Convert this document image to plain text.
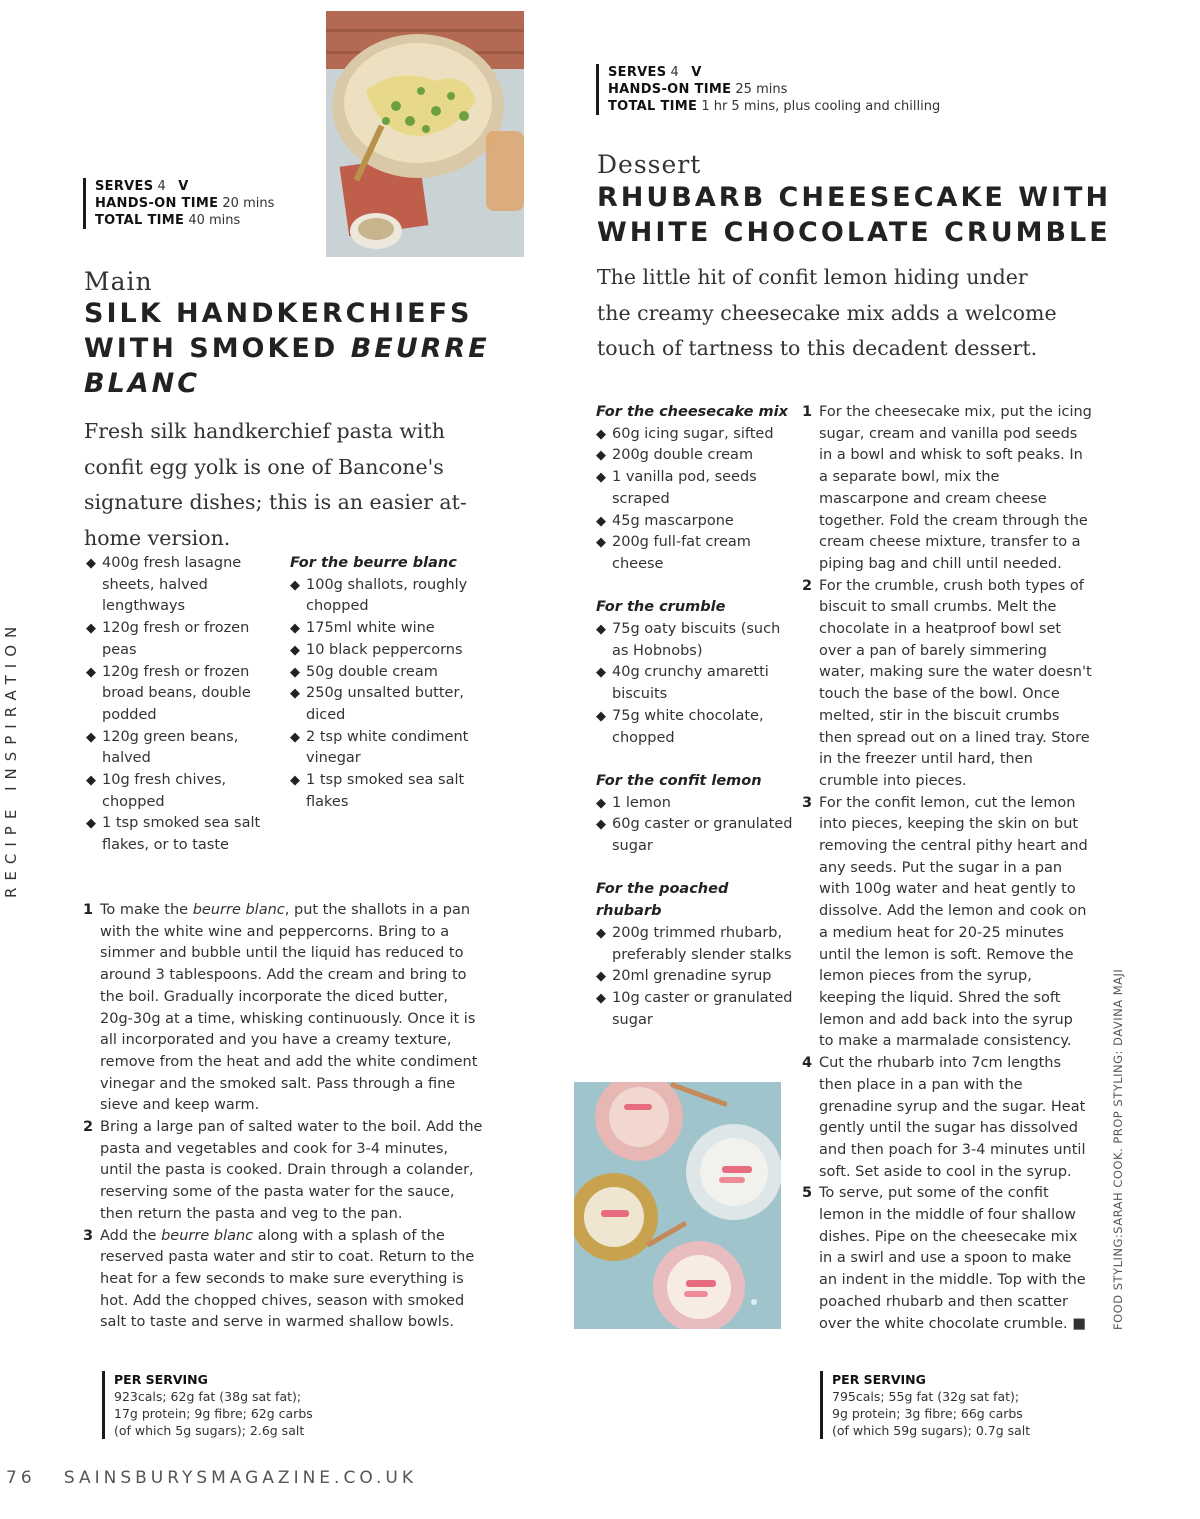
RECIPE INSPIRATION
SERVES 4 V
HANDS-ON TIME 20 mins
TOTAL TIME 40 mins
Main
SILK HANDKERCHIEFS
WITH SMOKED BEURRE
BLANC
Fresh silk handkerchief pasta with confit egg yolk is one of Bancone's signature dishes; this is an easier at-home version.
◆ 400g fresh lasagne sheets, halved lengthways
◆ 120g fresh or frozen peas
◆ 120g fresh or frozen broad beans, double podded
◆ 120g green beans, halved
◆ 10g fresh chives, chopped
◆ 1 tsp smoked sea salt flakes, or to taste
For the beurre blanc
◆ 100g shallots, roughly chopped
◆ 175ml white wine
◆ 10 black peppercorns
◆ 50g double cream
◆ 250g unsalted butter, diced
◆ 2 tsp white condiment vinegar
◆ 1 tsp smoked sea salt flakes
1 To make the beurre blanc, put the shallots in a pan with the white wine and peppercorns. Bring to a simmer and bubble until the liquid has reduced to around 3 tablespoons. Add the cream and bring to the boil. Gradually incorporate the diced butter, 20g-30g at a time, whisking continuously. Once it is all incorporated and you have a creamy texture, remove from the heat and add the white condiment vinegar and the smoked salt. Pass through a fine sieve and keep warm.
2 Bring a large pan of salted water to the boil. Add the pasta and vegetables and cook for 3-4 minutes, until the pasta is cooked. Drain through a colander, reserving some of the pasta water for the sauce, then return the pasta and veg to the pan.
3 Add the beurre blanc along with a splash of the reserved pasta water and stir to coat. Return to the heat for a few seconds to make sure everything is hot. Add the chopped chives, season with smoked salt to taste and serve in warmed shallow bowls.
PER SERVING
923cals; 62g fat (38g sat fat);
17g protein; 9g fibre; 62g carbs
(of which 5g sugars); 2.6g salt
SERVES 4 V
HANDS-ON TIME 25 mins
TOTAL TIME 1 hr 5 mins, plus cooling and chilling
Dessert
RHUBARB CHEESECAKE WITH
WHITE CHOCOLATE CRUMBLE
The little hit of confit lemon hiding under the creamy cheesecake mix adds a welcome touch of tartness to this decadent dessert.
For the cheesecake mix
◆ 60g icing sugar, sifted
◆ 200g double cream
◆ 1 vanilla pod, seeds scraped
◆ 45g mascarpone
◆ 200g full-fat cream cheese
For the crumble
◆ 75g oaty biscuits (such as Hobnobs)
◆ 40g crunchy amaretti biscuits
◆ 75g white chocolate, chopped
For the confit lemon
◆ 1 lemon
◆ 60g caster or granulated sugar
For the poached rhubarb
◆ 200g trimmed rhubarb, preferably slender stalks
◆ 20ml grenadine syrup
◆ 10g caster or granulated sugar
1 For the cheesecake mix, put the icing sugar, cream and vanilla pod seeds in a bowl and whisk to soft peaks. In a separate bowl, mix the mascarpone and cream cheese together. Fold the cream through the cream cheese mixture, transfer to a piping bag and chill until needed.
2 For the crumble, crush both types of biscuit to small crumbs. Melt the chocolate in a heatproof bowl set over a pan of barely simmering water, making sure the water doesn't touch the base of the bowl. Once melted, stir in the biscuit crumbs then spread out on a lined tray. Store in the freezer until hard, then crumble into pieces.
3 For the confit lemon, cut the lemon into pieces, keeping the skin on but removing the central pithy heart and any seeds. Put the sugar in a pan with 100g water and heat gently to dissolve. Add the lemon and cook on a medium heat for 20-25 minutes until the lemon is soft. Remove the lemon pieces from the syrup, keeping the liquid. Shred the soft lemon and add back into the syrup to make a marmalade consistency.
4 Cut the rhubarb into 7cm lengths then place in a pan with the grenadine syrup and the sugar. Heat gently until the sugar has dissolved and then poach for 3-4 minutes until soft. Set aside to cool in the syrup.
5 To serve, put some of the confit lemon in the middle of four shallow dishes. Pipe on the cheesecake mix in a swirl and use a spoon to make an indent in the middle. Top with the poached rhubarb and then scatter over the white chocolate crumble. ■	FOOD STYLING:SARAH COOK. PROP STYLING: DAVINA MAJI
PER SERVING
795cals; 55g fat (32g sat fat);
9g protein; 3g fibre; 66g carbs
(of which 59g sugars); 0.7g salt
76 SAINSBURYSMAGAZINE.CO.UK
